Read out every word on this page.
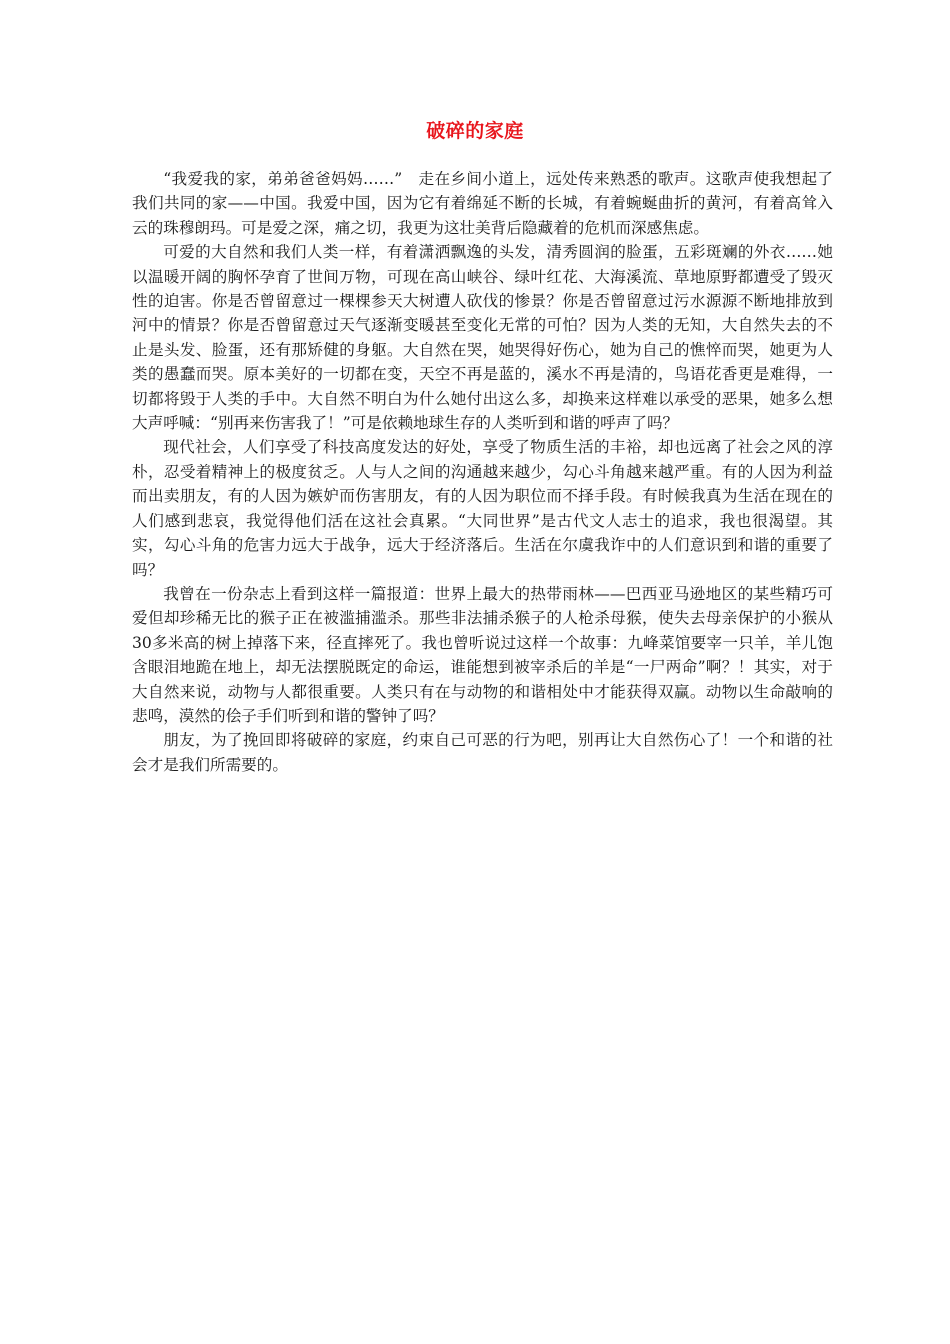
破碎的家庭

“我爱我的家，弟弟爸爸妈妈……”　走在乡间小道上，远处传来熟悉的歌声。这歌声使我想起了我们共同的家——中国。我爱中国，因为它有着绵延不断的长城，有着蜿蜒曲折的黄河，有着高耸入云的珠穆朗玛。可是爱之深，痛之切，我更为这壮美背后隐藏着的危机而深感焦虑。

可爱的大自然和我们人类一样，有着潇洒飘逸的头发，清秀圆润的脸蛋，五彩斑斓的外衣……她以温暖开阔的胸怀孕育了世间万物，可现在高山峡谷、绿叶红花、大海溪流、草地原野都遭受了毁灭性的迫害。你是否曾留意过一棵棵参天大树遭人砍伐的惨景？你是否曾留意过污水源源不断地排放到河中的情景？你是否曾留意过天气逐渐变暖甚至变化无常的可怕？因为人类的无知，大自然失去的不止是头发、脸蛋，还有那矫健的身躯。大自然在哭，她哭得好伤心，她为自己的憔悴而哭，她更为人类的愚蠢而哭。原本美好的一切都在变，天空不再是蓝的，溪水不再是清的，鸟语花香更是难得，一切都将毁于人类的手中。大自然不明白为什么她付出这么多，却换来这样难以承受的恶果，她多么想大声呼喊：“别再来伤害我了！”可是依赖地球生存的人类听到和谐的呼声了吗？

现代社会，人们享受了科技高度发达的好处，享受了物质生活的丰裕，却也远离了社会之风的淳朴，忍受着精神上的极度贫乏。人与人之间的沟通越来越少，勾心斗角越来越严重。有的人因为利益而出卖朋友，有的人因为嫉妒而伤害朋友，有的人因为职位而不择手段。有时候我真为生活在现在的人们感到悲哀，我觉得他们活在这社会真累。“大同世界”是古代文人志士的追求，我也很渴望。其实，勾心斗角的危害力远大于战争，远大于经济落后。生活在尔虞我诈中的人们意识到和谐的重要了吗？

我曾在一份杂志上看到这样一篇报道：世界上最大的热带雨林——巴西亚马逊地区的某些精巧可爱但却珍稀无比的猴子正在被滥捕滥杀。那些非法捕杀猴子的人枪杀母猴，使失去母亲保护的小猴从30多米高的树上掉落下来，径直摔死了。我也曾听说过这样一个故事：九峰菜馆要宰一只羊，羊儿饱含眼泪地跪在地上，却无法摆脱既定的命运，谁能想到被宰杀后的羊是“一尸两命”啊？！其实，对于大自然来说，动物与人都很重要。人类只有在与动物的和谐相处中才能获得双赢。动物以生命敲响的悲鸣，漠然的侩子手们听到和谐的警钟了吗？

朋友，为了挽回即将破碎的家庭，约束自己可恶的行为吧，别再让大自然伤心了！一个和谐的社会才是我们所需要的。
